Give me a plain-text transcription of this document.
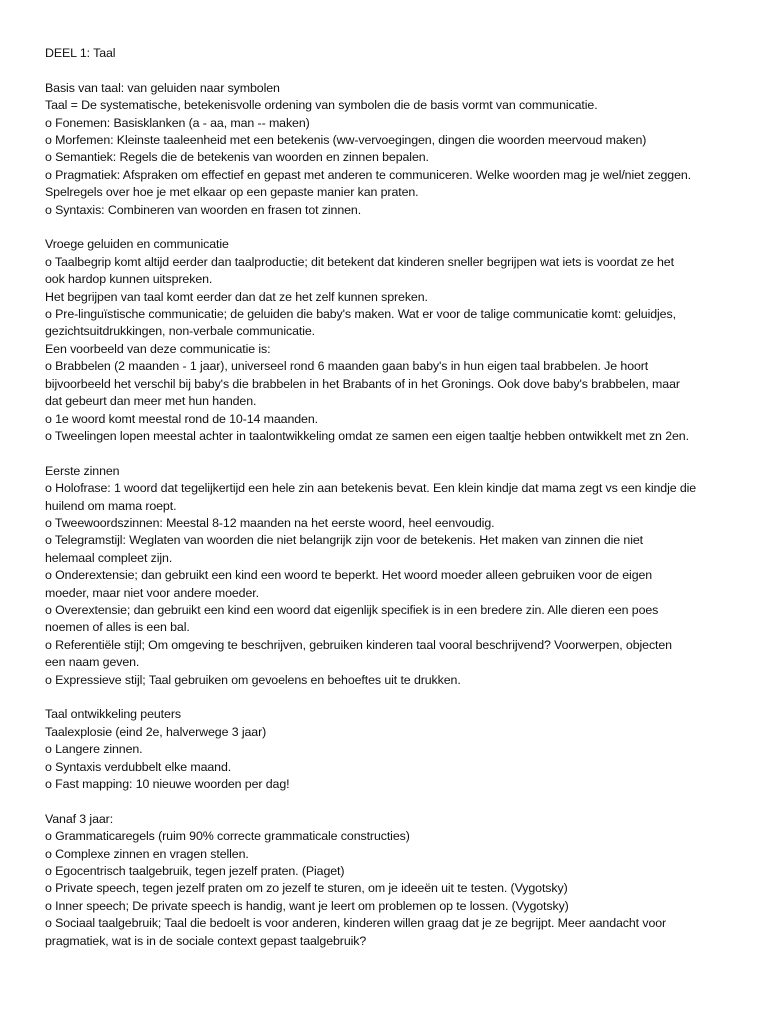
DEEL 1: Taal
Basis van taal: van geluiden naar symbolen
Taal = De systematische, betekenisvolle ordening van symbolen die de basis vormt van communicatie.
o Fonemen: Basisklanken (a - aa, man -- maken)
o Morfemen: Kleinste taaleenheid met een betekenis (ww-vervoegingen, dingen die woorden meervoud maken)
o Semantiek: Regels die de betekenis van woorden en zinnen bepalen.
o Pragmatiek: Afspraken om effectief en gepast met anderen te communiceren. Welke woorden mag je wel/niet zeggen.
Spelregels over hoe je met elkaar op een gepaste manier kan praten.
o Syntaxis: Combineren van woorden en frasen tot zinnen.
Vroege geluiden en communicatie
o Taalbegrip komt altijd eerder dan taalproductie; dit betekent dat kinderen sneller begrijpen wat iets is voordat ze het
ook hardop kunnen uitspreken.
Het begrijpen van taal komt eerder dan dat ze het zelf kunnen spreken.
o Pre-linguïstische communicatie; de geluiden die baby's maken. Wat er voor de talige communicatie komt: geluidjes,
gezichtsuitdrukkingen, non-verbale communicatie.
Een voorbeeld van deze communicatie is:
o Brabbelen (2 maanden - 1 jaar), universeel rond 6 maanden gaan baby's in hun eigen taal brabbelen. Je hoort
bijvoorbeeld het verschil bij baby's die brabbelen in het Brabants of in het Gronings. Ook dove baby's brabbelen, maar
dat gebeurt dan meer met hun handen.
o 1e woord komt meestal rond de 10-14 maanden.
o Tweelingen lopen meestal achter in taalontwikkeling omdat ze samen een eigen taaltje hebben ontwikkelt met zn 2en.
Eerste zinnen
o Holofrase: 1 woord dat tegelijkertijd een hele zin aan betekenis bevat. Een klein kindje dat mama zegt vs een kindje die
huilend om mama roept.
o Tweewoordszinnen: Meestal 8-12 maanden na het eerste woord, heel eenvoudig.
o Telegramstijl: Weglaten van woorden die niet belangrijk zijn voor de betekenis. Het maken van zinnen die niet
helemaal compleet zijn.
o Onderextensie; dan gebruikt een kind een woord te beperkt. Het woord moeder alleen gebruiken voor de eigen
moeder, maar niet voor andere moeder.
o Overextensie; dan gebruikt een kind een woord dat eigenlijk specifiek is in een bredere zin. Alle dieren een poes
noemen of alles is een bal.
o Referentiële stijl; Om omgeving te beschrijven, gebruiken kinderen taal vooral beschrijvend? Voorwerpen, objecten
een naam geven.
o Expressieve stijl; Taal gebruiken om gevoelens en behoeftes uit te drukken.
Taal ontwikkeling peuters
Taalexplosie (eind 2e, halverwege 3 jaar)
o Langere zinnen.
o Syntaxis verdubbelt elke maand.
o Fast mapping: 10 nieuwe woorden per dag!
Vanaf 3 jaar:
o Grammaticaregels (ruim 90% correcte grammaticale constructies)
o Complexe zinnen en vragen stellen.
o Egocentrisch taalgebruik, tegen jezelf praten. (Piaget)
o Private speech, tegen jezelf praten om zo jezelf te sturen, om je ideeën uit te testen. (Vygotsky)
o Inner speech; De private speech is handig, want je leert om problemen op te lossen. (Vygotsky)
o Sociaal taalgebruik; Taal die bedoelt is voor anderen, kinderen willen graag dat je ze begrijpt. Meer aandacht voor
pragmatiek, wat is in de sociale context gepast taalgebruik?
